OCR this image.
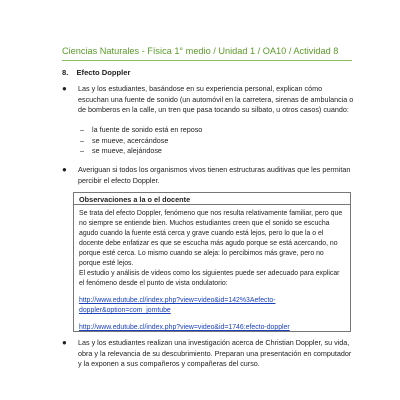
Ciencias Naturales - Física 1° medio / Unidad 1 / OA10 / Actividad 8
8. Efecto Doppler
● Las y los estudiantes, basándose en su experiencia personal, explican cómo escuchan una fuente de sonido (un automóvil en la carretera, sirenas de ambulancia o de bomberos en la calle, un tren que pasa tocando su silbato, u otros casos) cuando:
– la fuente de sonido está en reposo
– se mueve, acercándose
– se mueve, alejándose
● Averiguan si todos los organismos vivos tienen estructuras auditivas que les permitan percibir el efecto Doppler.
Observaciones a la o el docente

Se trata del efecto Doppler, fenómeno que nos resulta relativamente familiar, pero que no siempre se entiende bien. Muchos estudiantes creen que el sonido se escucha agudo cuando la fuente está cerca y grave cuando está lejos, pero lo que la o el docente debe enfatizar es que se escucha más agudo porque se está acercando, no porque esté cerca. Lo mismo cuando se aleja: lo percibimos más grave, pero no porque esté lejos.

El estudio y análisis de videos como los siguientes puede ser adecuado para explicar el fenómeno desde el punto de vista ondulatorio:

http://www.edutube.cl/index.php?view=video&id=142%3Aefecto-doppler&option=com_jomtube
http://www.edutube.cl/index.php?view=video&id=1746:efecto-doppler
● Las y los estudiantes realizan una investigación acerca de Christian Doppler, su vida, obra y la relevancia de su descubrimiento. Preparan una presentación en computador y la exponen a sus compañeros y compañeras del curso.
